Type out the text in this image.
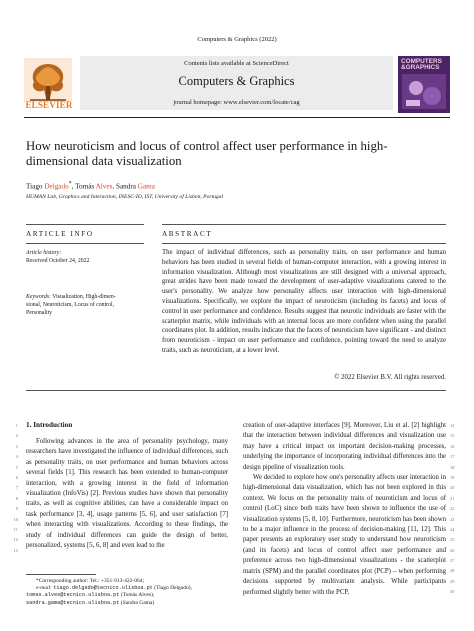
Computers & Graphics (2022)
ELSEVIER
Contents lists available at ScienceDirect
Computers & Graphics
journal homepage: www.elsevier.com/locate/cag
COMPUTERS
&GRAPHICS
How neuroticism and locus of control affect user performance in high-dimensional data visualization
Tiago Delgado*, Tomás Alves, Sandra Gama
HUMAN Lab, Graphics and Interaction, INESC-ID, IST, University of Lisbon, Portugal
ARTICLE INFO	ABSTRACT
Article history:
Received October 24, 2022
Keywords: Visualization, High-dimen-
sional, Neuroticism, Locus of control,
Personality
The impact of individual differences, such as personality traits, on user performance and human behaviors has been studied in several fields of human-computer interaction, with a growing interest in information visualization. Although most visualizations are still designed with a universal approach, great strides have been made toward the development of user-adaptive visualizations catered to the user's personality. We analyze how personality affects user interaction with high-dimensional visualizations. Specifically, we explore the impact of neuroticism (including its facets) and locus of control in user performance and confidence. Results suggest that neurotic individuals are faster with the scatterplot matrix, while individuals with an internal locus are more confident when using the parallel coordinates plot. In addition, results indicate that the facets of neuroticism have significant - and distinct from neuroticism - impact on user performance and confidence, pointing toward the need to analyze traits, such as neuroticism, at a lower level.
© 2022 Elsevier B.V. All rights reserved.
1
2
3
4
5
6
7
8
9
10
11
12
13
1. Introduction

Following advances in the area of personality psychology, many researchers have investigated the influence of individual differences, such as personality traits, on user performance and human behaviors across several fields [1]. This research has been extended to human-computer interaction, with a growing interest in the field of information visualization (InfoVis) [2]. Previous studies have shown that personality traits, as well as cognitive abilities, can have a considerable impact on task performance [3, 4], usage patterns [5, 6], and user satisfaction [7] when interacting with visualizations. According to these findings, the study of individual differences can guide the design of better, personalized, systems [5, 6, 8] and even lead to the

*Corresponding author: Tel.: +351-913-422-064;
e-mail: tiago.delgado@tecnico.ulisboa.pt (Tiago Delgado),
tomas.alves@tecnico.ulisboa.pt (Tomás Alves),
sandra.gama@tecnico.ulisboa.pt (Sandra Gama)

creation of user-adaptive interfaces [9]. Moreover, Liu et al. [2] highlight that the interaction between individual differences and visualization use may have a critical impact on important decision-making processes, underlying the importance of incorporating individual differences into the design pipeline of visualization tools.

We decided to explore how one's personality affects user interaction in high-dimensional data visualization, which has not been explored in this context. We focus on the personality traits of neuroticism and locus of control (LoC) since both traits have been shown to influence the use of visualization systems [5, 8, 10]. Furthermore, neuroticism has been shown to be a major influence in the process of decision-making [11, 12]. This paper presents an exploratory user study to understand how neuroticism (and its facets) and locus of control affect user performance and preference across two high-dimensional visualizations - the scatterplot matrix (SPM) and the parallel coordinates plot (PCP) – when performing decisions supported by multivariate analysis. While participants performed slightly better with the PCP,

14
15
16
17
18
19
20
21
22
23
24
25
26
27
28
29
30
